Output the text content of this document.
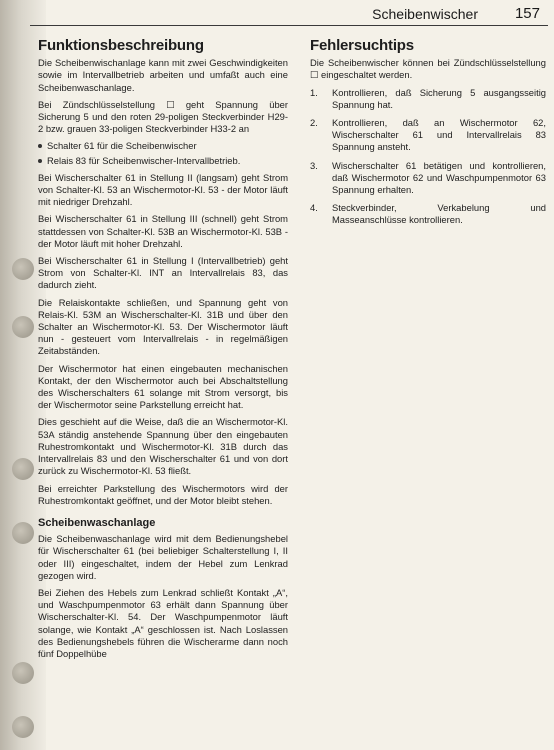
Scheibenwischer 157
Funktionsbeschreibung

Die Scheibenwischanlage kann mit zwei Geschwindigkeiten sowie im Intervallbetrieb arbeiten und umfaßt auch eine Scheibenwaschanlage.

Bei Zündschlüsselstellung ☐ geht Spannung über Sicherung 5 und den roten 29-poligen Steckverbinder H29-2 bzw. grauen 33-poligen Steckverbinder H33-2 an

Schalter 61 für die Scheibenwischer
Relais 83 für Scheibenwischer-Intervallbetrieb.

Bei Wischerschalter 61 in Stellung II (langsam) geht Strom von Schalter-Kl. 53 an Wischermotor-Kl. 53 - der Motor läuft mit niedriger Drehzahl.

Bei Wischerschalter 61 in Stellung III (schnell) geht Strom stattdessen von Schalter-Kl. 53B an Wischermotor-Kl. 53B - der Motor läuft mit hoher Drehzahl.

Bei Wischerschalter 61 in Stellung I (Intervallbetrieb) geht Strom von Schalter-Kl. INT an Intervallrelais 83, das dadurch zieht.

Die Relaiskontakte schließen, und Spannung geht von Relais-Kl. 53M an Wischerschalter-Kl. 31B und über den Schalter an Wischermotor-Kl. 53. Der Wischermotor läuft nun - gesteuert vom Intervallrelais - in regelmäßigen Zeitabständen.

Der Wischermotor hat einen eingebauten mechanischen Kontakt, der den Wischermotor auch bei Abschaltstellung des Wischerschalters 61 solange mit Strom versorgt, bis der Wischermotor seine Parkstellung erreicht hat.

Dies geschieht auf die Weise, daß die an Wischermotor-Kl. 53A ständig anstehende Spannung über den eingebauten Ruhestromkontakt und Wischermotor-Kl. 31B durch das Intervallrelais 83 und den Wischerschalter 61 und von dort zurück zu Wischermotor-Kl. 53 fließt.

Bei erreichter Parkstellung des Wischermotors wird der Ruhestromkontakt geöffnet, und der Motor bleibt stehen.

Scheibenwaschanlage

Die Scheibenwaschanlage wird mit dem Bedienungshebel für Wischerschalter 61 (bei beliebiger Schalterstellung I, II oder III) eingeschaltet, indem der Hebel zum Lenkrad gezogen wird.

Bei Ziehen des Hebels zum Lenkrad schließt Kontakt „A“, und Waschpumpenmotor 63 erhält dann Spannung über Wischerschalter-Kl. 54. Der Waschpumpenmotor läuft solange, wie Kontakt „A“ geschlossen ist. Nach Loslassen des Bedienungshebels führen die Wischerarme dann noch fünf Doppelhübe

Fehlersuchtips

Die Scheibenwischer können bei Zündschlüsselstellung ☐ eingeschaltet werden.

1. Kontrollieren, daß Sicherung 5 ausgangsseitig Spannung hat.
2. Kontrollieren, daß an Wischermotor 62, Wischerschalter 61 und Intervallrelais 83 Spannung ansteht.
3. Wischerschalter 61 betätigen und kontrollieren, daß Wischermotor 62 und Waschpumpenmotor 63 Spannung erhalten.
4. Steckverbinder, Verkabelung und Masseanschlüsse kontrollieren.
